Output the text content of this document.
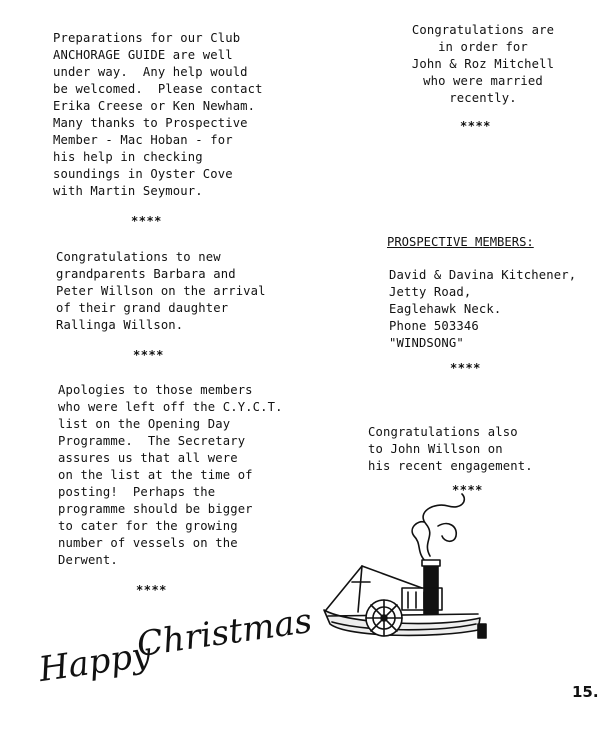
Preparations for our Club
ANCHORAGE GUIDE are well
under way.  Any help would
be welcomed.  Please contact
Erika Creese or Ken Newham.
Many thanks to Prospective
Member - Mac Hoban - for
his help in checking
soundings in Oyster Cove
with Martin Seymour.
****
Congratulations to new
grandparents Barbara and
Peter Willson on the arrival
of their grand daughter
Rallinga Willson.
****
Apologies to those members
who were left off the C.Y.C.T.
list on the Opening Day
Programme.  The Secretary
assures us that all were
on the list at the time of
posting!  Perhaps the
programme should be bigger
to cater for the growing
number of vessels on the
Derwent.
****
Congratulations are
in order for
John & Roz Mitchell
who were married
recently.
****
PROSPECTIVE MEMBERS:
David & Davina Kitchener,
Jetty Road,
Eaglehawk Neck.
Phone 503346
"WINDSONG"
****
Congratulations also
to John Willson on
his recent engagement.
****
Happy
Christmas
15.
